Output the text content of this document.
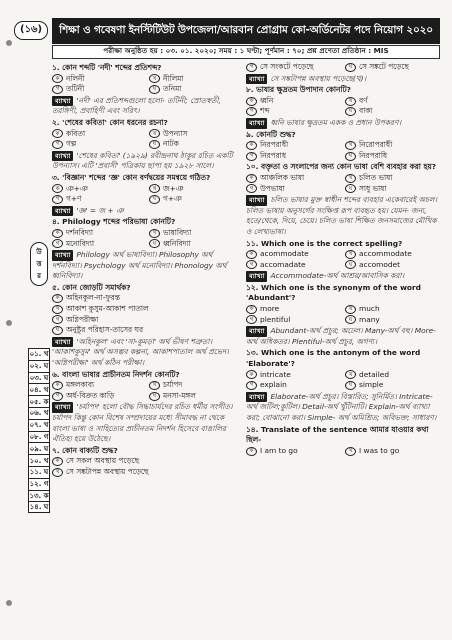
(১৬)	শিক্ষা ও গবেষণা ইনস্টিটিউট উপজেলা/আরবান প্রোগ্রাম কো-অর্ডিনেটর পদে নিয়োগ ২০২০
পরীক্ষা অনুষ্ঠিত হয় : ০৩. ০১. ২০২০; সময় : ১ ঘণ্টা; পূর্ণমান : ৭০; প্রশ্ন প্রণেতা প্রতিষ্ঠান : MIS
উ
ত্ত
র
০১. খ
০২. ঘ
০৩. ঘ
০৪. খ
০৫. ক
০৬. খ
০৭. খ
০৮. গ
০৯. ঘ
১০. খ
১১. ঘ
১২. গ
১৩. ক
১৪. ঘ
১. কোন শব্দটি 'নদী' শব্দের প্রতিশব্দ?
ক নলিনী	খ নীলিমা
গ তটিনী	ঘ তনিমা
ব্যাখ্যা 'নদী' এর প্রতিশব্দগুলো হলো- তটিনী; স্রোতস্বতী, তরঙ্গিণী, প্রবাহিণী এবং সরিৎ।
২. 'শেষের কবিতা' কোন ধরনের রচনা?
ক কবিতা	খ উপন্যাস
গ গল্প	ঘ নাটক
ব্যাখ্যা 'শেষের কবিতা' (১৯২৯) রবীন্দ্রনাথ ঠাকুর রচিত একটি উপন্যাস। এটি 'প্রবাসী' পত্রিকায় ছাপা হয় ১৯২৮ সালে।
৩. 'বিজ্ঞান' শব্দের 'জ্ঞ' কোন বর্ণদ্বয়ের সমন্বয়ে গঠিত?
ক ঞ+ঞ	খ জ+ঞ
গ গ+ণ	ঘ গ+ঞ
ব্যাখ্যা 'জ্ঞ' = জ + ঞ
৪. Philology শব্দের পরিভাষা কোনটি?
ক দর্শনবিদ্যা	খ ভাষাবিদ্যা
গ মনোবিদ্যা	ঘ ধ্বনিবিদ্যা
ব্যাখ্যা Philology অর্থ ভাষাবিদ্যা। Philosophy অর্থ দর্শনবিদ্যা। Psychology অর্থ মনোবিদ্যা। Phonology অর্থ ধ্বনিবিদ্যা।
৫. কোন জোড়টি সমার্থক?
ক অহিনকুল-না-ফুরন্ত
খ আকাশ কুসুম-আকাশ পাতাল
গ অগ্নিপরীক্ষা
ঘ অনুষ্টুর পরিহাস-তাসের ঘর
ব্যাখ্যা 'অহিনকুল' এবং 'সা-কুমড়া' অর্থ ভীষণ শত্রুতা। 'আকাশকুসুম' অর্থ অসম্ভব কল্পনা, আকাশপাতাল অর্থ প্রভেদ। 'অগ্নিপরীক্ষা' অর্থ কঠিন পরীক্ষা।
৬. বাংলা ভাষার প্রাচীনতম নিদর্শন কোনটি?
ক মঙ্গলকাব্য	খ চর্যাপদ
গ অর্ধ-বিক্রত কাড়ি	ঘ মনসা-মঙ্গল
ব্যাখ্যা 'চর্যাপদ' হলো বৌদ্ধ সিদ্ধাচার্যদের রচিত ধর্মীয় সংগীত। চর্যাপদ কিন্তু কোন বিশেষ সম্প্রদায়ের মধ্যে সীমাবদ্ধ না থেকে বাংলা ভাষা ও সাহিত্যের প্রাচীনতম নিদর্শন হিসেবে বাঙালির ঐতিহ্য হয়ে উঠেছে।
৭. কোন বাক্যটি শুদ্ধ?
ক সে সকল অবস্থায় পড়েছে
খ সে সঙ্কটাপন্ন অবস্থায় পড়েছে
গ সে সংকটে পড়েছে	ঘ সে সঙ্কটে পড়েছে
ব্যাখ্যা সে সঙ্কটাপন্ন অবস্থায় পড়েছে(খ)।
৮. ভাষার ক্ষুদ্রতম উপাদান কোনটি?
ক ধ্বনি	খ বর্ণ
গ শব্দ	ঘ বাক্য
ব্যাখ্যা ধ্বনি ভাষার ক্ষুদ্রতম একক ও প্রধান উপকরণ।
৯. কোনটি শুদ্ধ?
ক নিরপরাধী	খ নিরোপরাধী
গ নিরপরাধ	ঘ নিরপরাধি
১০. বক্তৃতা ও সংলাপের জন্য কোন ভাষা বেশি ব্যবহার করা হয়?
ক আঞ্চলিক ভাষা	খ চলিত ভাষা
গ উপভাষা	ঘ সাধু ভাষা
ব্যাখ্যা চলিত ভাষার মুক্ত স্বাধীন শব্দের ব্যবহার একেবারেই অচল। চলিত ভাষায় অনুসর্গের সংক্ষিপ্ত রূপ ব্যবহৃত হয়। যেমন- জন্য, হতে/থেকে, দিয়ে, চেয়ে। চলিত ভাষা শিক্ষিত জনসমাজের মৌখিক ও লেখ্যভাষা।
১১. Which one is the correct spelling?
ক acommodate	খ accommodate
গ accomadate	ঘ accomodet
ব্যাখ্যা Accommodate-অর্থ আশ্রয়/আবাসিক করা।
১২. Which one is the synonym of the word 'Abundant'?
ক more	খ much
গ plentiful	ঘ many
ব্যাখ্যা Abundant-অর্থ প্রচুর; অঢেল। Many-অর্থ বহু। More-অর্থ অধিকতর। Plentiful-অর্থ প্রচুর, অগণ্য।
১৩. Which one is the antonym of the word 'Elaborate'?
ক intricate	খ detailed
গ explain	ঘ simple
ব্যাখ্যা Elaborate-অর্থ প্রচুর। বিস্তারিত; সুনির্মিত। Intricate- অর্থ জটিল;কুটিল। Detail-অর্থ খুঁটিনাটি। Explain-অর্থ ব্যাখ্যা করা; বোঝানো করা। Simple- অর্থ অমিশ্রিত; অবিভক্ত; সাধারণ।
১৪. Translate of the sentence আমার যাওয়ার কথা ছিল-
ক I am to go	খ I was to go
